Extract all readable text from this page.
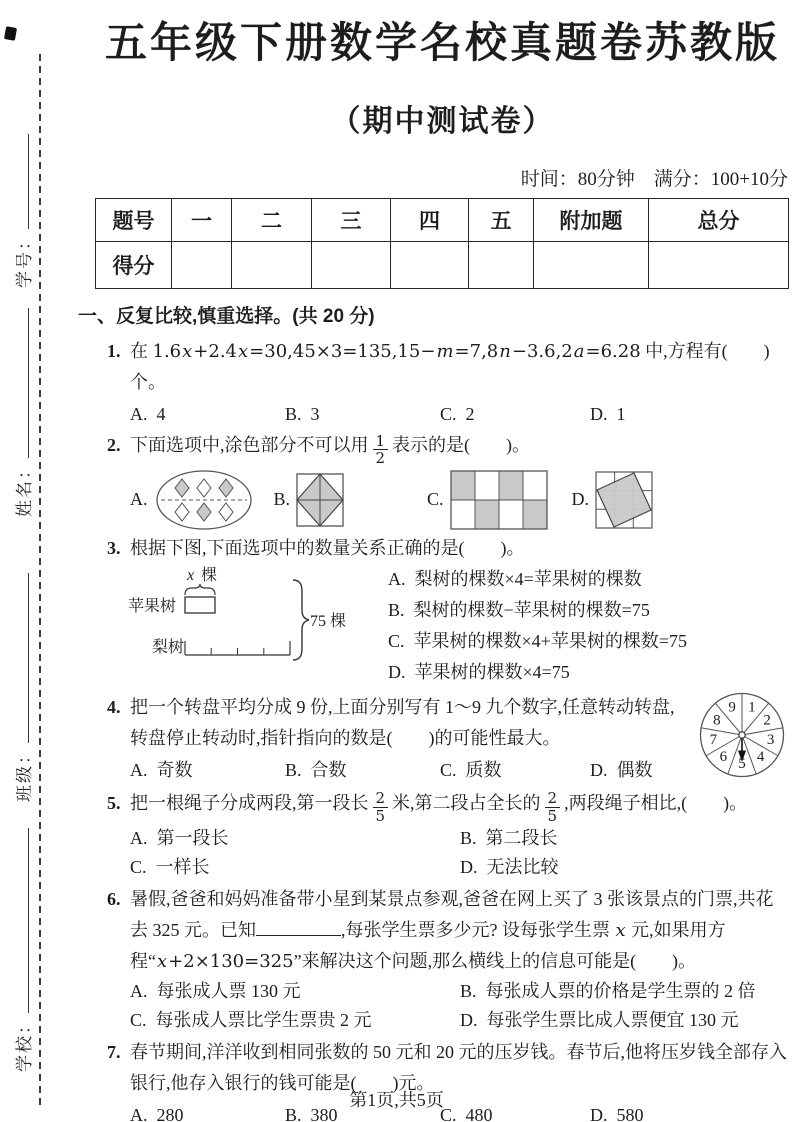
学校：
班级：
姓名：
学号：
五年级下册数学名校真题卷苏教版
（期中测试卷）
时间：80分钟　满分：100+10分
题号	一	二	三	四	五	附加题	总分
得分							
一、反复比较,慎重选择。(共 20 分)
1. 在 1.6x+2.4x=30,45×3=135,15−m=7,8n−3.6,2a=6.28 中,方程有(　　)个。
A. 4	B. 3	C. 2	D. 1
2. 下面选项中,涂色部分不可以用 $\frac{1}{2}$ 表示的是(　　)。
A.	B.	C.	D.
3. 根据下图,下面选项中的数量关系正确的是(　　)。
x 棵
苹果树
梨树
75 棵
A. 梨树的棵数×4=苹果树的棵数
B. 梨树的棵数−苹果树的棵数=75
C. 苹果树的棵数×4+苹果树的棵数=75
D. 苹果树的棵数×4=75
4. 把一个转盘平均分成 9 份,上面分别写有 1～9 九个数字,任意转动转盘,转盘停止转动时,指针指向的数是(　　)的可能性最大。
1
2
3
4
5
6
7
8
9
A. 奇数	B. 合数	C. 质数	D. 偶数
5. 把一根绳子分成两段,第一段长 $\frac{2}{5}$ 米,第二段占全长的 $\frac{2}{5}$ ,两段绳子相比,(　　)。
A. 第一段长	B. 第二段长
C. 一样长	D. 无法比较
6. 暑假,爸爸和妈妈准备带小星到某景点参观,爸爸在网上买了 3 张该景点的门票,共花去 325 元。已知	,每张学生票多少元? 设每张学生票 x 元,如果用方程“x+2×130=325”来解决这个问题,那么横线上的信息可能是(　　)。
A. 每张成人票 130 元	B. 每张成人票的价格是学生票的 2 倍
C. 每张成人票比学生票贵 2 元	D. 每张学生票比成人票便宜 130 元
7. 春节期间,洋洋收到相同张数的 50 元和 20 元的压岁钱。春节后,他将压岁钱全部存入银行,他存入银行的钱可能是(　　)元。
A. 280	B. 380	C. 480	D. 580
第1页,共5页
